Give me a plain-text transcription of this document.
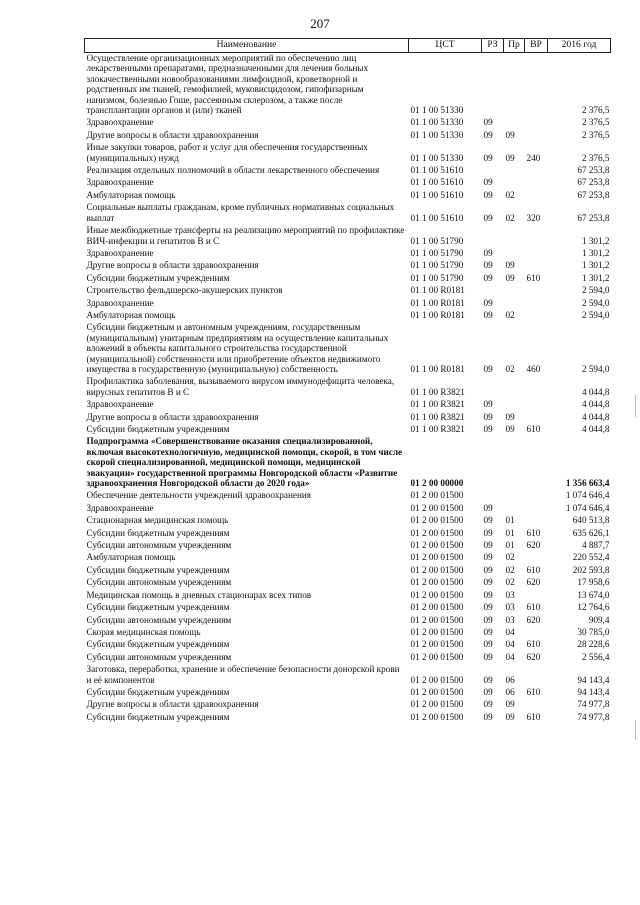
207
Наименование	ЦСТ	РЗ	Пр	ВР	2016 год
Осуществление организационных мероприятий по обеспечению лиц лекарственными препаратами, предназначенными для лечения больных злокачественными новообразованиями лимфоидной, кроветворной и родственных им тканей, гемофилией, муковисцидозом, гипофизарным нанизмом, болезнью Гоше, рассеянным склерозом, а также после трансплантации органов и (или) тканей	01 1 00 51330				2 376,5
Здравоохранение	01 1 00 51330	09			2 376,5
Другие вопросы в области здравоохранения	01 1 00 51330	09	09		2 376,5
Иные закупки товаров, работ и услуг для обеспечения государственных (муниципальных) нужд	01 1 00 51330	09	09	240	2 376,5
Реализация отдельных полномочий в области лекарственного обеспечения	01 1 00 51610				67 253,8
Здравоохранение	01 1 00 51610	09			67 253,8
Амбулаторная помощь	01 1 00 51610	09	02		67 253,8
Социальные выплаты гражданам, кроме публичных нормативных социальных выплат	01 1 00 51610	09	02	320	67 253,8
Иные межбюджетные трансферты на реализацию мероприятий по профилактике ВИЧ-инфекции и гепатитов В и С	01 1 00 51790				1 301,2
Здравоохранение	01 1 00 51790	09			1 301,2
Другие вопросы в области здравоохранения	01 1 00 51790	09	09		1 301,2
Субсидии бюджетным учреждениям	01 1 00 51790	09	09	610	1 301,2
Строительство фельдшерско-акушерских пунктов	01 1 00 R0181				2 594,0
Здравоохранение	01 1 00 R0181	09			2 594,0
Амбулаторная помощь	01 1 00 R0181	09	02		2 594,0
Субсидии бюджетным и автономным учреждениям, государственным (муниципальным) унитарным предприятиям на осуществление капитальных вложений в объекты капитального строительства государственной (муниципальной) собственности или приобретение объектов недвижимого имущества в государственную (муниципальную) собственность	01 1 00 R0181	09	02	460	2 594,0
Профилактика заболевания, вызываемого вирусом иммунодефицита человека, вирусных гепатитов В и С	01 1 00 R3821				4 044,8
Здравоохранение	01 1 00 R3821	09			4 044,8
Другие вопросы в области здравоохранения	01 1 00 R3821	09	09		4 044,8
Субсидии бюджетным учреждениям	01 1 00 R3821	09	09	610	4 044,8
Подпрограмма «Совершенствование оказания специализированной, включая высокотехнологичную, медицинской помощи, скорой, в том числе скорой специализированной, медицинской помощи, медицинской эвакуации» государственной программы Новгородской области «Развитие здравоохранения Новгородской области до 2020 года»	01 2 00 00000				1 356 663,4
Обеспечение деятельности учреждений здравоохранения	01 2 00 01500				1 074 646,4
Здравоохранение	01 2 00 01500	09			1 074 646,4
Стационарная медицинская помощь	01 2 00 01500	09	01		640 513,8
Субсидии бюджетным учреждениям	01 2 00 01500	09	01	610	635 626,1
Субсидии автономным учреждениям	01 2 00 01500	09	01	620	4 887,7
Амбулаторная помощь	01 2 00 01500	09	02		220 552,4
Субсидии бюджетным учреждениям	01 2 00 01500	09	02	610	202 593,8
Субсидии автономным учреждениям	01 2 00 01500	09	02	620	17 958,6
Медицинская помощь в дневных стационарах всех типов	01 2 00 01500	09	03		13 674,0
Субсидии бюджетным учреждениям	01 2 00 01500	09	03	610	12 764,6
Субсидии автономным учреждениям	01 2 00 01500	09	03	620	909,4
Скорая медицинская помощь	01 2 00 01500	09	04		30 785,0
Субсидии бюджетным учреждениям	01 2 00 01500	09	04	610	28 228,6
Субсидии автономным учреждениям	01 2 00 01500	09	04	620	2 556,4
Заготовка, переработка, хранение и обеспечение безопасности донорской крови и её компонентов	01 2 00 01500	09	06		94 143,4
Субсидии бюджетным учреждениям	01 2 00 01500	09	06	610	94 143,4
Другие вопросы в области здравоохранения	01 2 00 01500	09	09		74 977,8
Субсидии бюджетным учреждениям	01 2 00 01500	09	09	610	74 977,8
